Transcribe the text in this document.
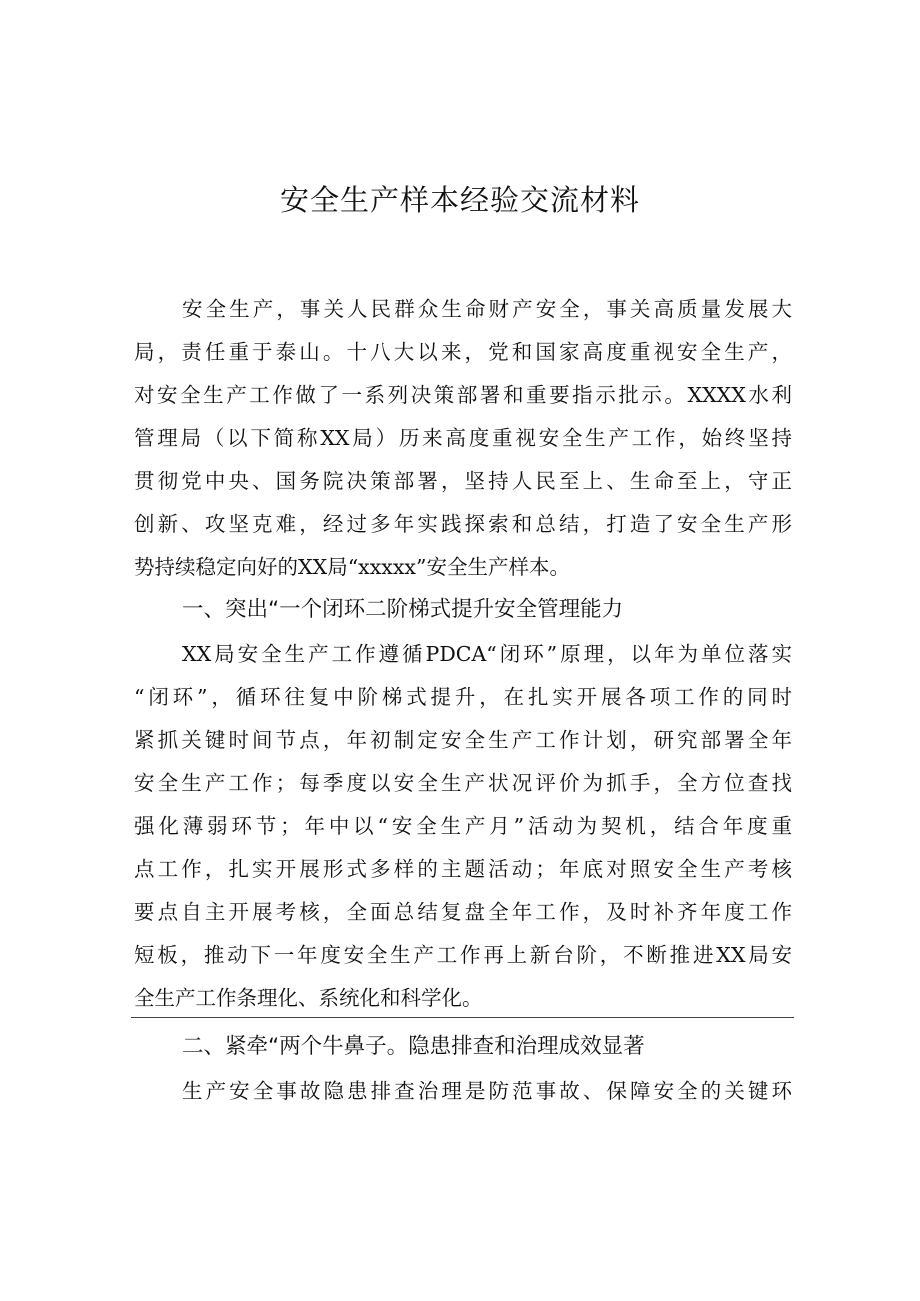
安全生产样本经验交流材料
安全生产，事关人民群众生命财产安全，事关高质量发展大
局，责任重于泰山。十八大以来，党和国家高度重视安全生产，
对安全生产工作做了一系列决策部署和重要指示批示。XXXX水利
管理局（以下简称XX局）历来高度重视安全生产工作，始终坚持
贯彻党中央、国务院决策部署，坚持人民至上、生命至上，守正
创新、攻坚克难，经过多年实践探索和总结，打造了安全生产形
势持续稳定向好的XX局“xxxxx”安全生产样本。
一、突出“一个闭环二阶梯式提升安全管理能力
XX局安全生产工作遵循PDCA“闭环”原理，以年为单位落实
“闭环”，循环往复中阶梯式提升，在扎实开展各项工作的同时
紧抓关键时间节点，年初制定安全生产工作计划，研究部署全年
安全生产工作；每季度以安全生产状况评价为抓手，全方位查找
强化薄弱环节；年中以“安全生产月”活动为契机，结合年度重
点工作，扎实开展形式多样的主题活动；年底对照安全生产考核
要点自主开展考核，全面总结复盘全年工作，及时补齐年度工作
短板，推动下一年度安全生产工作再上新台阶，不断推进XX局安
全生产工作条理化、系统化和科学化。
二、紧牵“两个牛鼻子。隐患排查和治理成效显著
生产安全事故隐患排查治理是防范事故、保障安全的关键环
